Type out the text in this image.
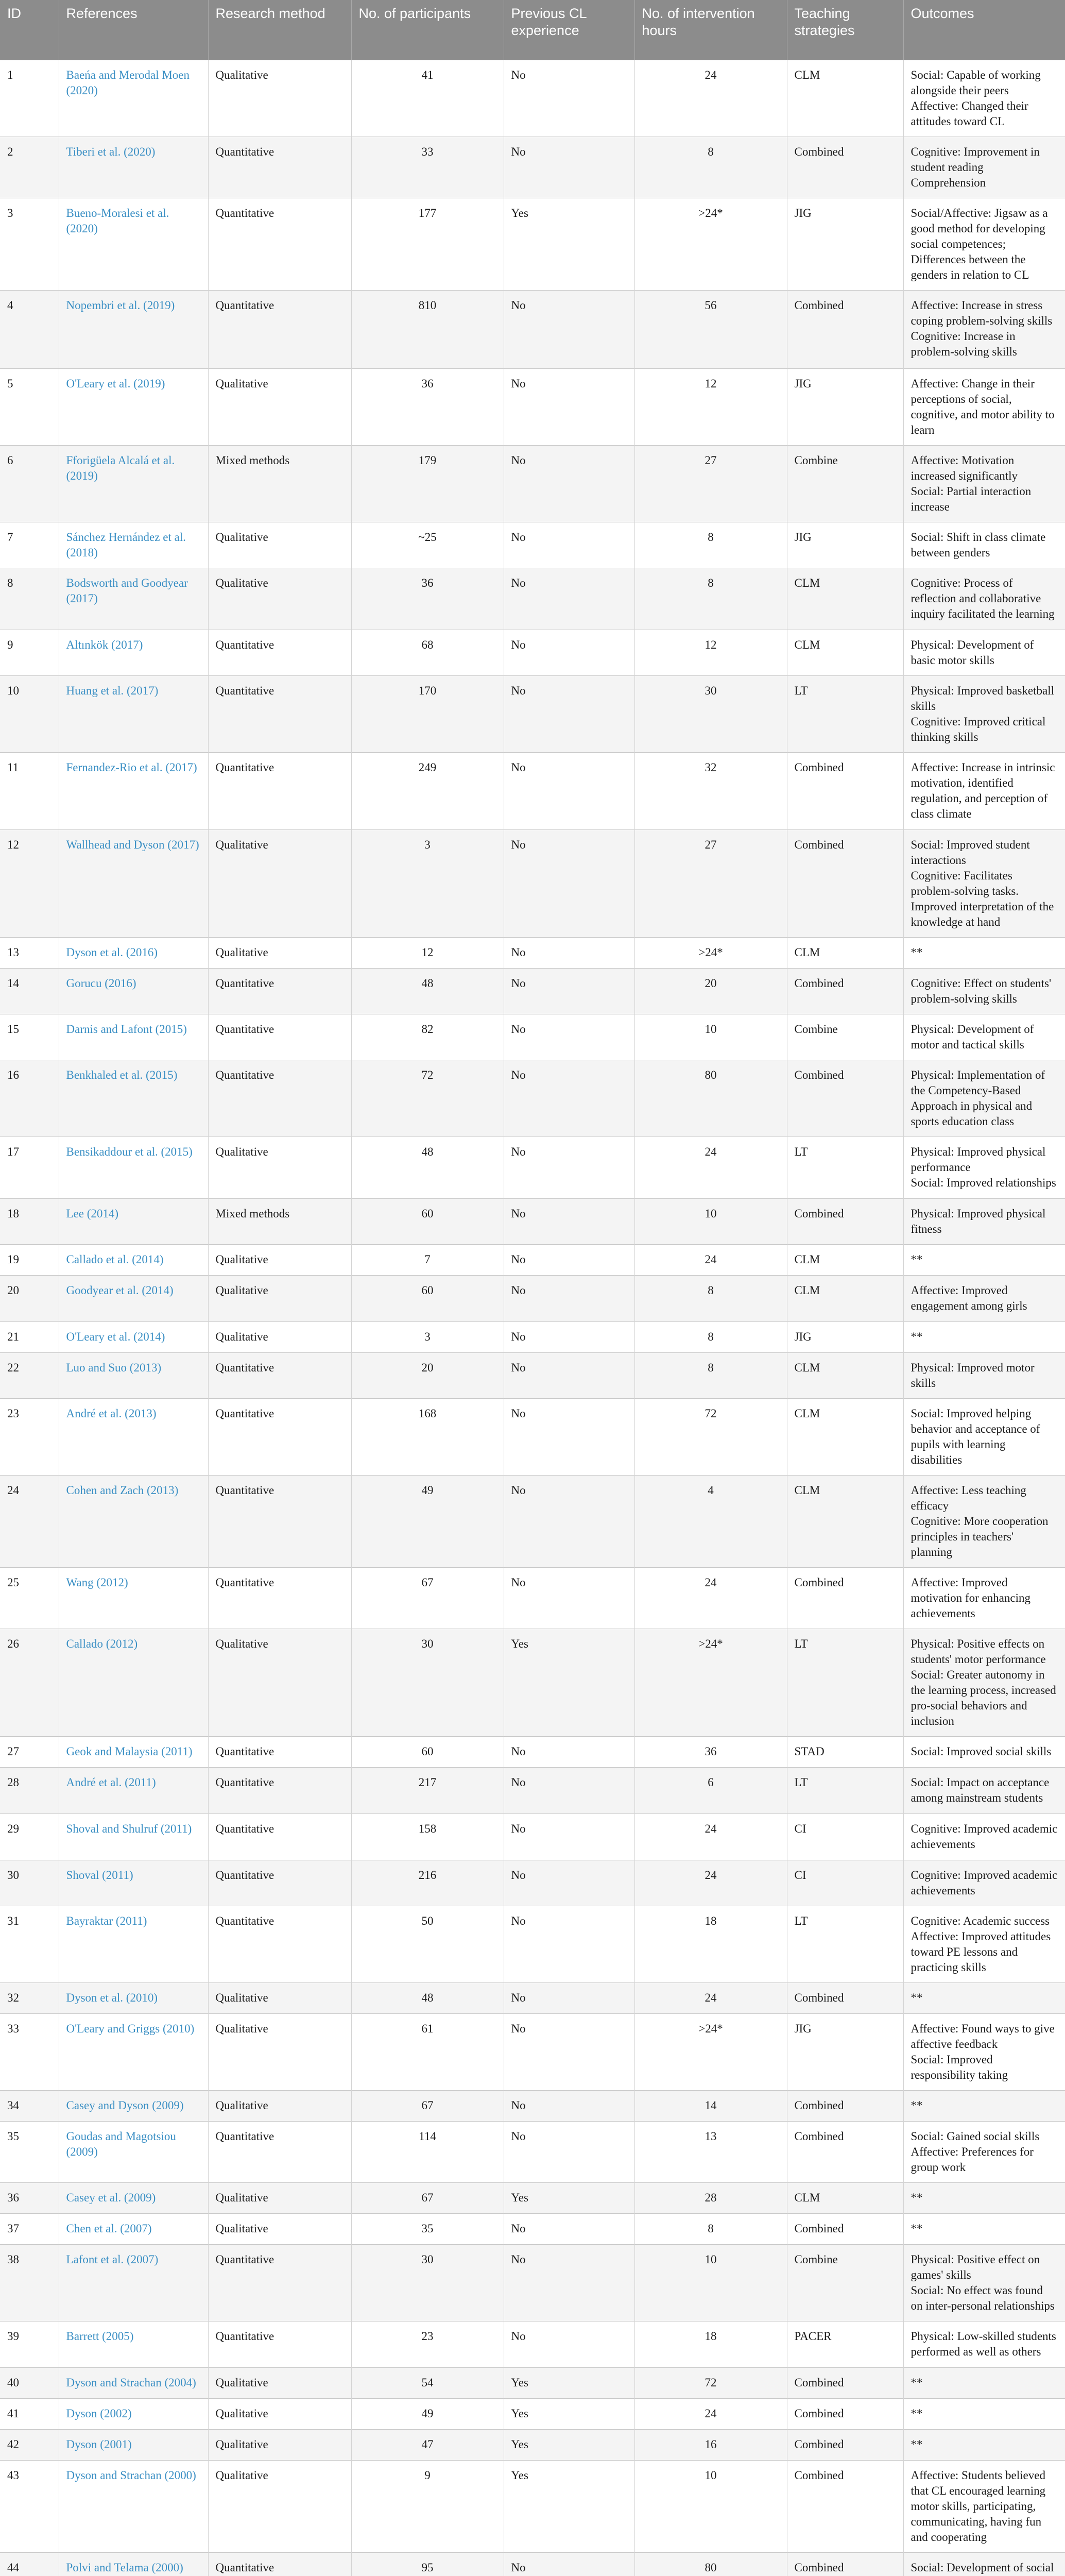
ID	References	Research method	No. of participants	Previous CL experience	No. of intervention hours	Teaching strategies	Outcomes
1	Baeńa and Merodal Moen (2020)	Qualitative	41	No	24	CLM	Social: Capable of working alongside their peers
Affective: Changed their attitudes toward CL

2	Tiberi et al. (2020)	Quantitative	33	No	8	Combined	Cognitive: Improvement in student reading Comprehension

3	Bueno-Moralesi et al. (2020)	Quantitative	177	Yes	>24*	JIG	Social/Affective: Jigsaw as a good method for developing social competences; Differences between the genders in relation to CL

4	Nopembri et al. (2019)	Quantitative	810	No	56	Combined	Affective: Increase in stress coping problem-solving skills
Cognitive: Increase in problem-solving skills

5	O'Leary et al. (2019)	Qualitative	36	No	12	JIG	Affective: Change in their perceptions of social, cognitive, and motor ability to learn

6	Fforigüela Alcalá et al. (2019)	Mixed methods	179	No	27	Combine	Affective: Motivation increased significantly
Social: Partial interaction increase

7	Sánchez Hernández et al. (2018)	Qualitative	~25	No	8	JIG	Social: Shift in class climate between genders

8	Bodsworth and Goodyear (2017)	Qualitative	36	No	8	CLM	Cognitive: Process of reflection and collaborative inquiry facilitated the learning

9	Altınkök (2017)	Quantitative	68	No	12	CLM	Physical: Development of basic motor skills

10	Huang et al. (2017)	Quantitative	170	No	30	LT	Physical: Improved basketball skills
Cognitive: Improved critical thinking skills

11	Fernandez-Rio et al. (2017)	Quantitative	249	No	32	Combined	Affective: Increase in intrinsic motivation, identified regulation, and perception of class climate

12	Wallhead and Dyson (2017)	Qualitative	3	No	27	Combined	Social: Improved student interactions
Cognitive: Facilitates problem-solving tasks. Improved interpretation of the knowledge at hand

13	Dyson et al. (2016)	Qualitative	12	No	>24*	CLM	**

14	Gorucu (2016)	Quantitative	48	No	20	Combined	Cognitive: Effect on students' problem-solving skills

15	Darnis and Lafont (2015)	Quantitative	82	No	10	Combine	Physical: Development of motor and tactical skills

16	Benkhaled et al. (2015)	Quantitative	72	No	80	Combined	Physical: Implementation of the Competency-Based Approach in physical and sports education class

17	Bensikaddour et al. (2015)	Qualitative	48	No	24	LT	Physical: Improved physical performance
Social: Improved relationships

18	Lee (2014)	Mixed methods	60	No	10	Combined	Physical: Improved physical fitness

19	Callado et al. (2014)	Qualitative	7	No	24	CLM	**

20	Goodyear et al. (2014)	Qualitative	60	No	8	CLM	Affective: Improved engagement among girls

21	O'Leary et al. (2014)	Qualitative	3	No	8	JIG	**

22	Luo and Suo (2013)	Quantitative	20	No	8	CLM	Physical: Improved motor skills

23	André et al. (2013)	Quantitative	168	No	72	CLM	Social: Improved helping behavior and acceptance of pupils with learning disabilities

24	Cohen and Zach (2013)	Quantitative	49	No	4	CLM	Affective: Less teaching efficacy
Cognitive: More cooperation principles in teachers' planning

25	Wang (2012)	Quantitative	67	No	24	Combined	Affective: Improved motivation for enhancing achievements

26	Callado (2012)	Qualitative	30	Yes	>24*	LT	Physical: Positive effects on students' motor performance
Social: Greater autonomy in the learning process, increased pro-social behaviors and inclusion

27	Geok and Malaysia (2011)	Quantitative	60	No	36	STAD	Social: Improved social skills

28	André et al. (2011)	Quantitative	217	No	6	LT	Social: Impact on acceptance among mainstream students

29	Shoval and Shulruf (2011)	Quantitative	158	No	24	CI	Cognitive: Improved academic achievements

30	Shoval (2011)	Quantitative	216	No	24	CI	Cognitive: Improved academic achievements

31	Bayraktar (2011)	Quantitative	50	No	18	LT	Cognitive: Academic success
Affective: Improved attitudes toward PE lessons and practicing skills

32	Dyson et al. (2010)	Qualitative	48	No	24	Combined	**

33	O'Leary and Griggs (2010)	Qualitative	61	No	>24*	JIG	Affective: Found ways to give affective feedback
Social: Improved responsibility taking

34	Casey and Dyson (2009)	Qualitative	67	No	14	Combined	**

35	Goudas and Magotsiou (2009)	Quantitative	114	No	13	Combined	Social: Gained social skills
Affective: Preferences for group work

36	Casey et al. (2009)	Qualitative	67	Yes	28	CLM	**

37	Chen et al. (2007)	Qualitative	35	No	8	Combined	**

38	Lafont et al. (2007)	Quantitative	30	No	10	Combine	Physical: Positive effect on games' skills
Social: No effect was found on inter-personal relationships

39	Barrett (2005)	Quantitative	23	No	18	PACER	Physical: Low-skilled students performed as well as others

40	Dyson and Strachan (2004)	Qualitative	54	Yes	72	Combined	**

41	Dyson (2002)	Qualitative	49	Yes	24	Combined	**

42	Dyson (2001)	Qualitative	47	Yes	16	Combined	**

43	Dyson and Strachan (2000)	Qualitative	9	Yes	10	Combined	Affective: Students believed that CL encouraged learning motor skills, participating, communicating, having fun and cooperating

44	Polvi and Telama (2000)	Quantitative	95	No	80	Combined	Social: Development of social
